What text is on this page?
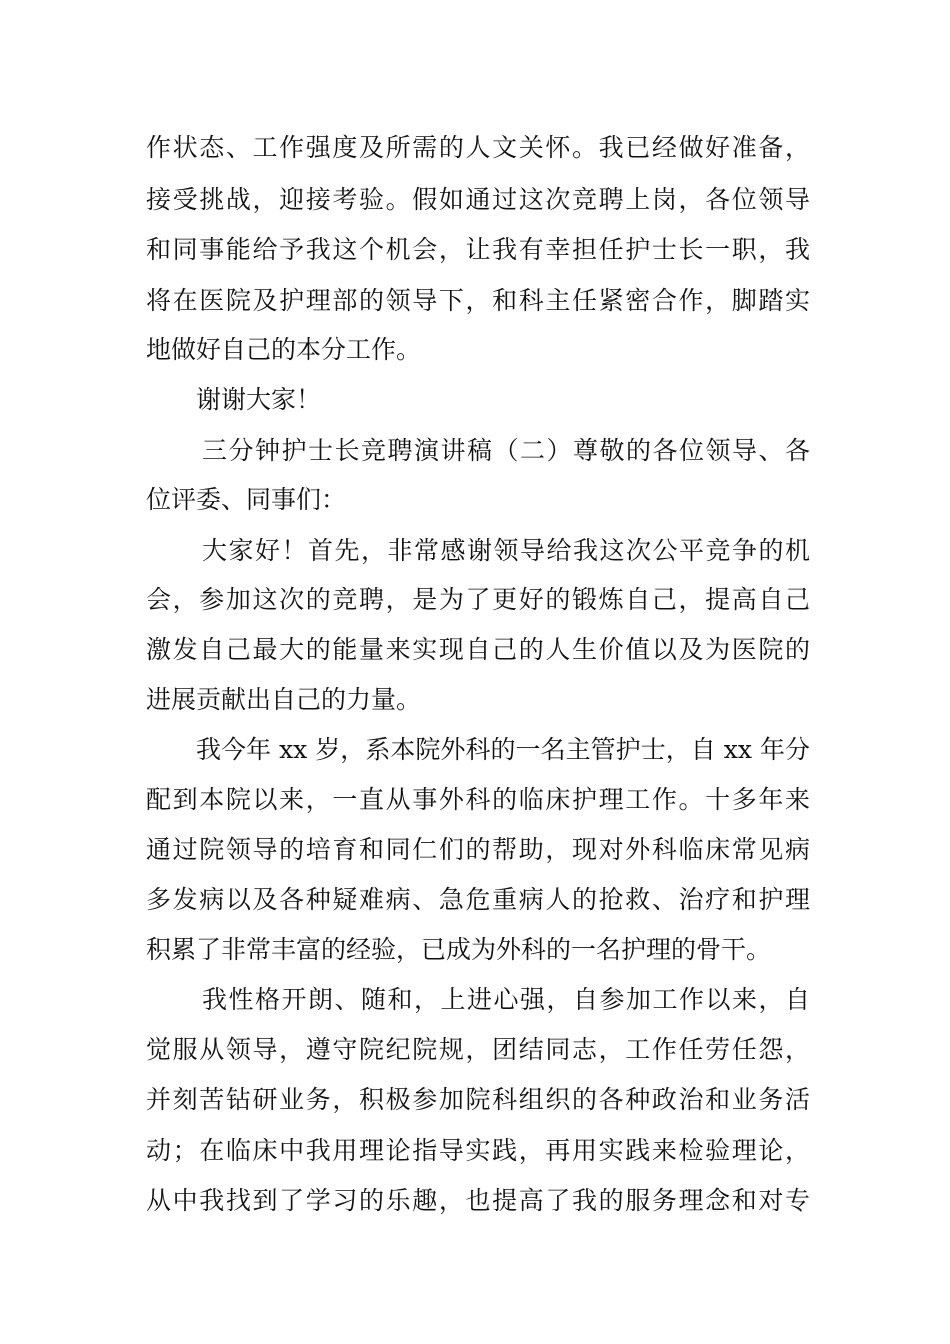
作状态、工作强度及所需的人文关怀。我已经做好准备，
接受挑战，迎接考验。假如通过这次竞聘上岗，各位领导
和同事能给予我这个机会，让我有幸担任护士长一职，我
将在医院及护理部的领导下，和科主任紧密合作，脚踏实
地做好自己的本分工作。
谢谢大家！
三分钟护士长竞聘演讲稿（二）尊敬的各位领导、各
位评委、同事们：
大家好！首先，非常感谢领导给我这次公平竞争的机
会，参加这次的竞聘，是为了更好的锻炼自己，提高自己
激发自己最大的能量来实现自己的人生价值以及为医院的
进展贡献出自己的力量。
我今年 xx 岁，系本院外科的一名主管护士，自 xx 年分
配到本院以来，一直从事外科的临床护理工作。十多年来
通过院领导的培育和同仁们的帮助，现对外科临床常见病
多发病以及各种疑难病、急危重病人的抢救、治疗和护理
积累了非常丰富的经验，已成为外科的一名护理的骨干。
我性格开朗、随和，上进心强，自参加工作以来，自
觉服从领导，遵守院纪院规，团结同志，工作任劳任怨，
并刻苦钻研业务，积极参加院科组织的各种政治和业务活
动；在临床中我用理论指导实践，再用实践来检验理论，
从中我找到了学习的乐趣，也提高了我的服务理念和对专
